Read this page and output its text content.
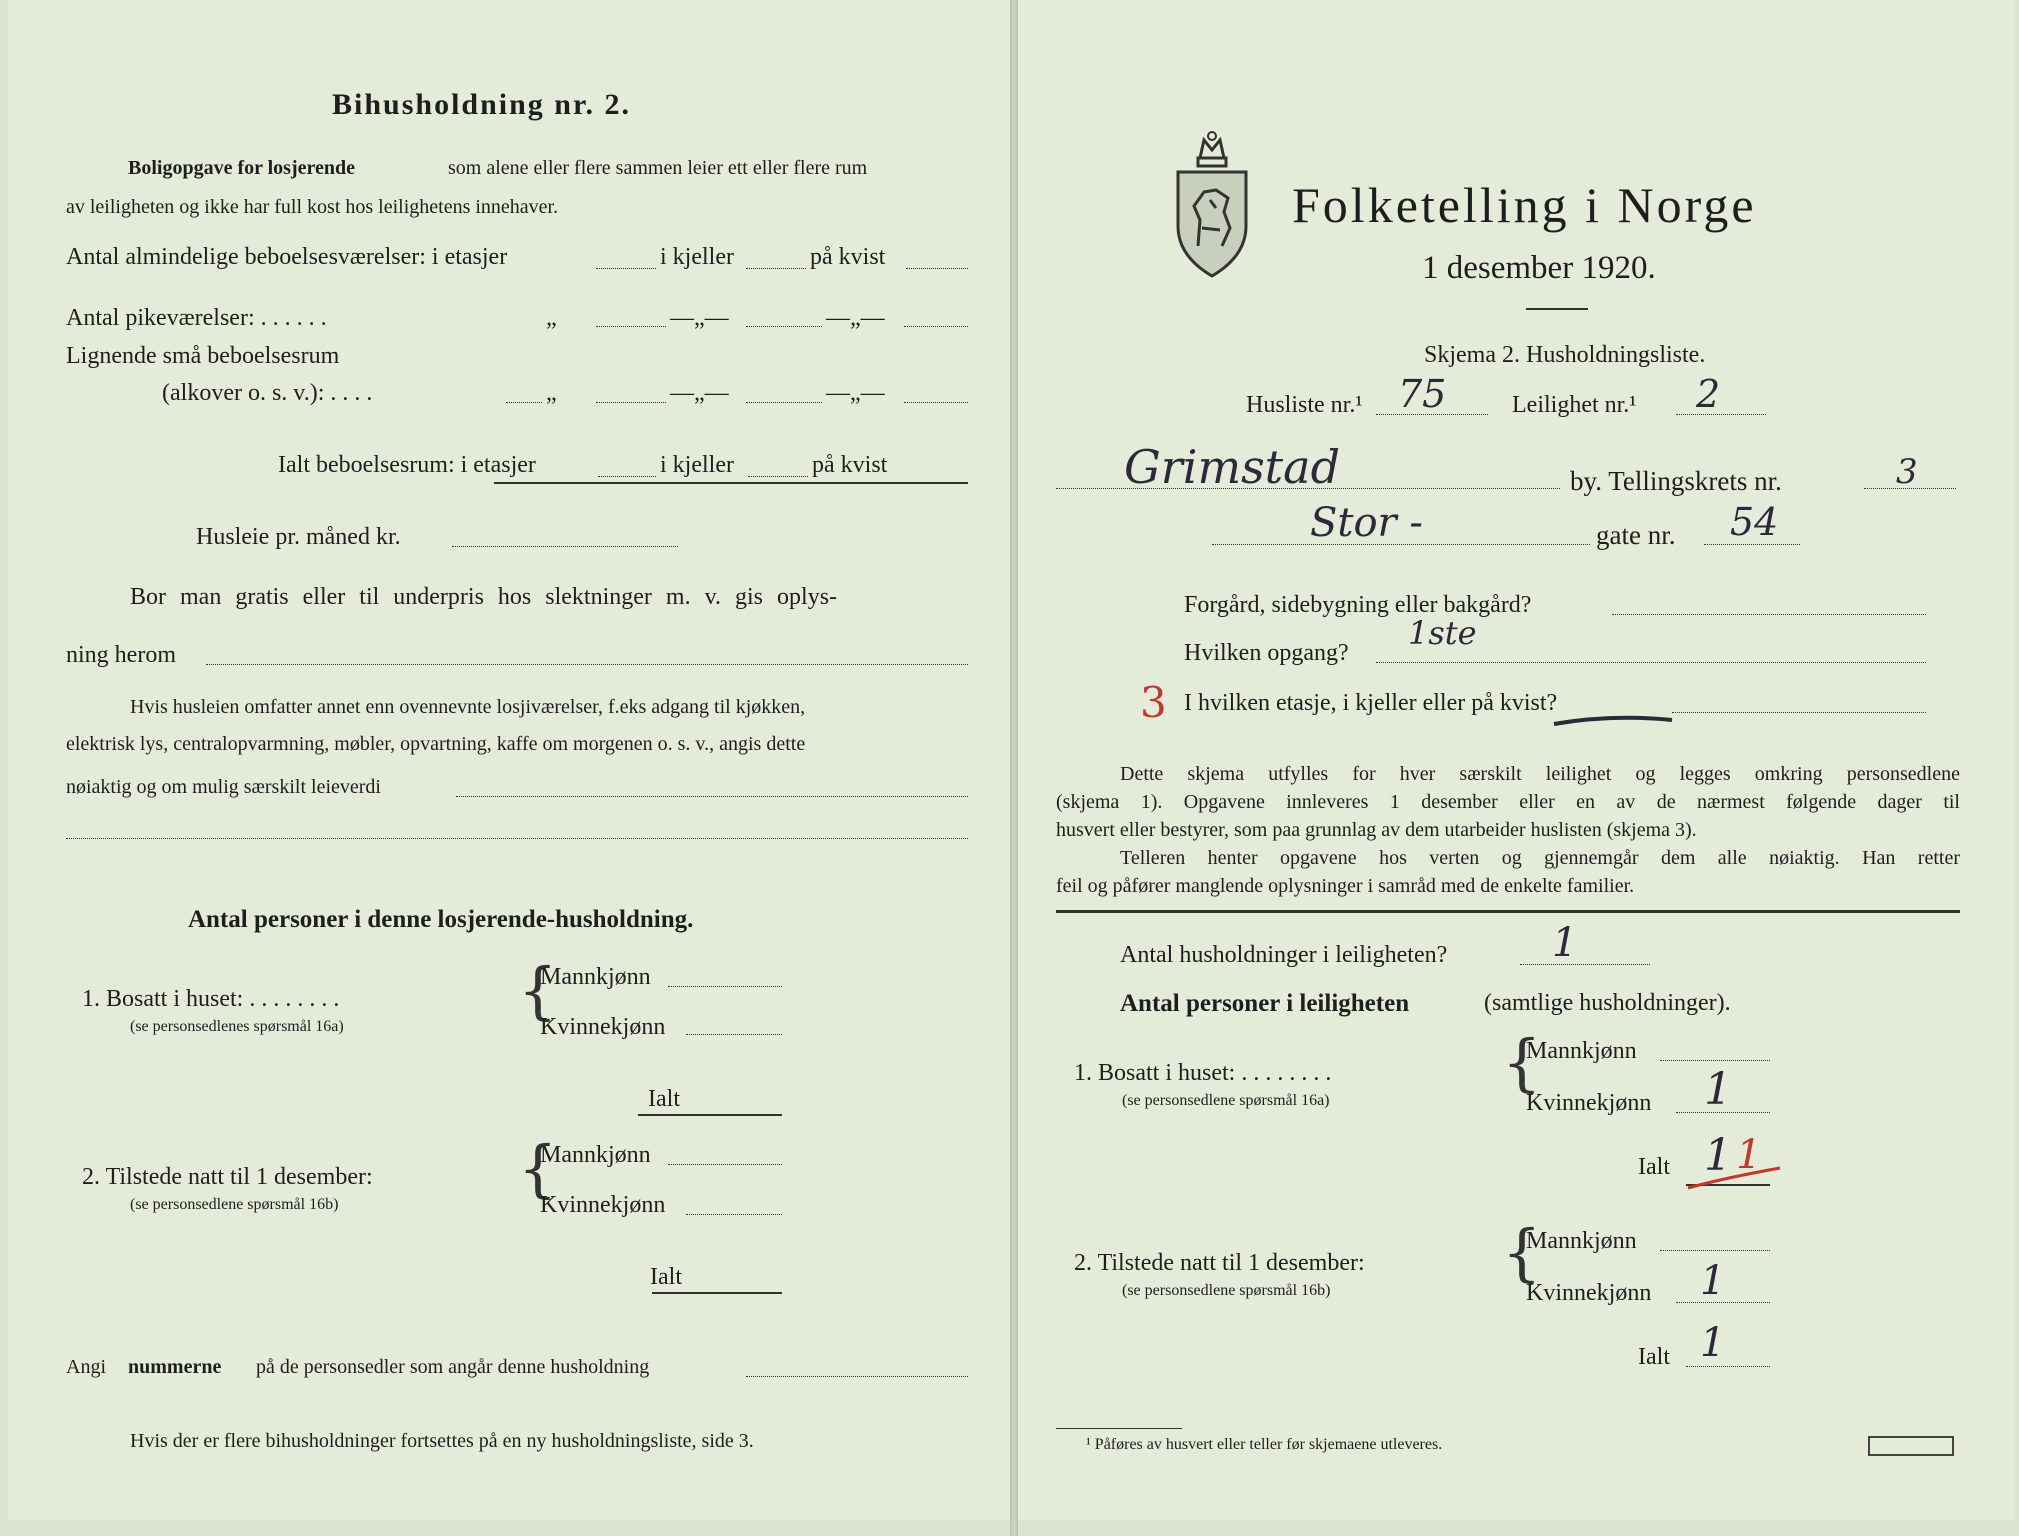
Bihusholdning nr. 2.
Boligopgave for losjerende	som alene eller flere sammen leier ett eller flere rum
av leiligheten og ikke har full kost hos leilighetens innehaver.
Antal almindelige beboelsesværelser: i etasjer	i kjeller	på kvist
Antal pikeværelser: . . . . . .	„	—„—	—„—
Lignende små beboelsesrum
(alkover o. s. v.): . . . .	„	—„—	—„—
Ialt beboelsesrum: i etasjer	i kjeller	på kvist
Husleie pr. måned kr.
Bor man gratis eller til underpris hos slektninger m. v. gis oplys-
ning herom
Hvis husleien omfatter annet enn ovennevnte losjiværelser, f.eks adgang til kjøkken,
elektrisk lys, centralopvarmning, møbler, opvartning, kaffe om morgenen o. s. v., angis dette
nøiaktig og om mulig særskilt leieverdi
Antal personer i denne losjerende-husholdning.
1. Bosatt i huset: . . . . . . . .
(se personsedlenes spørsmål 16a)	{
Mannkjønn
Kvinnekjønn
Ialt
2. Tilstede natt til 1 desember:
(se personsedlene spørsmål 16b)	{
Mannkjønn
Kvinnekjønn
Ialt
Angi nummerne på de personsedler som angår denne husholdning
Hvis der er flere bihusholdninger fortsettes på en ny husholdningsliste, side 3.
Folketelling i Norge
1 desember 1920.
Skjema 2. Husholdningsliste.
Husliste nr.¹ 75	Leilighet nr.¹ 2
Grimstad	by. Tellingskrets nr.	3
Stor -	gate nr. 54
Forgård, sidebygning eller bakgård?
Hvilken opgang?
1ste
3 I hvilken etasje, i kjeller eller på kvist?
Dette skjema utfylles for hver særskilt leilighet og legges omkring personsedlene
(skjema 1). Opgavene innleveres 1 desember eller en av de nærmest følgende dager til
husvert eller bestyrer, som paa grunnlag av dem utarbeider huslisten (skjema 3).
Telleren henter opgavene hos verten og gjennemgår dem alle nøiaktig. Han retter
feil og påfører manglende oplysninger i samråd med de enkelte familier.
Antal husholdninger i leiligheten?	1
Antal personer i leiligheten	(samtlige husholdninger).
1. Bosatt i huset: . . . . . . . .
(se personsedlene spørsmål 16a)
{
Mannkjønn
Kvinnekjønn 1
Ialt 1 1
2. Tilstede natt til 1 desember:
(se personsedlene spørsmål 16b)
{
Mannkjønn
Kvinnekjønn 1
Ialt 1
¹ Påføres av husvert eller teller før skjemaene utleveres.
